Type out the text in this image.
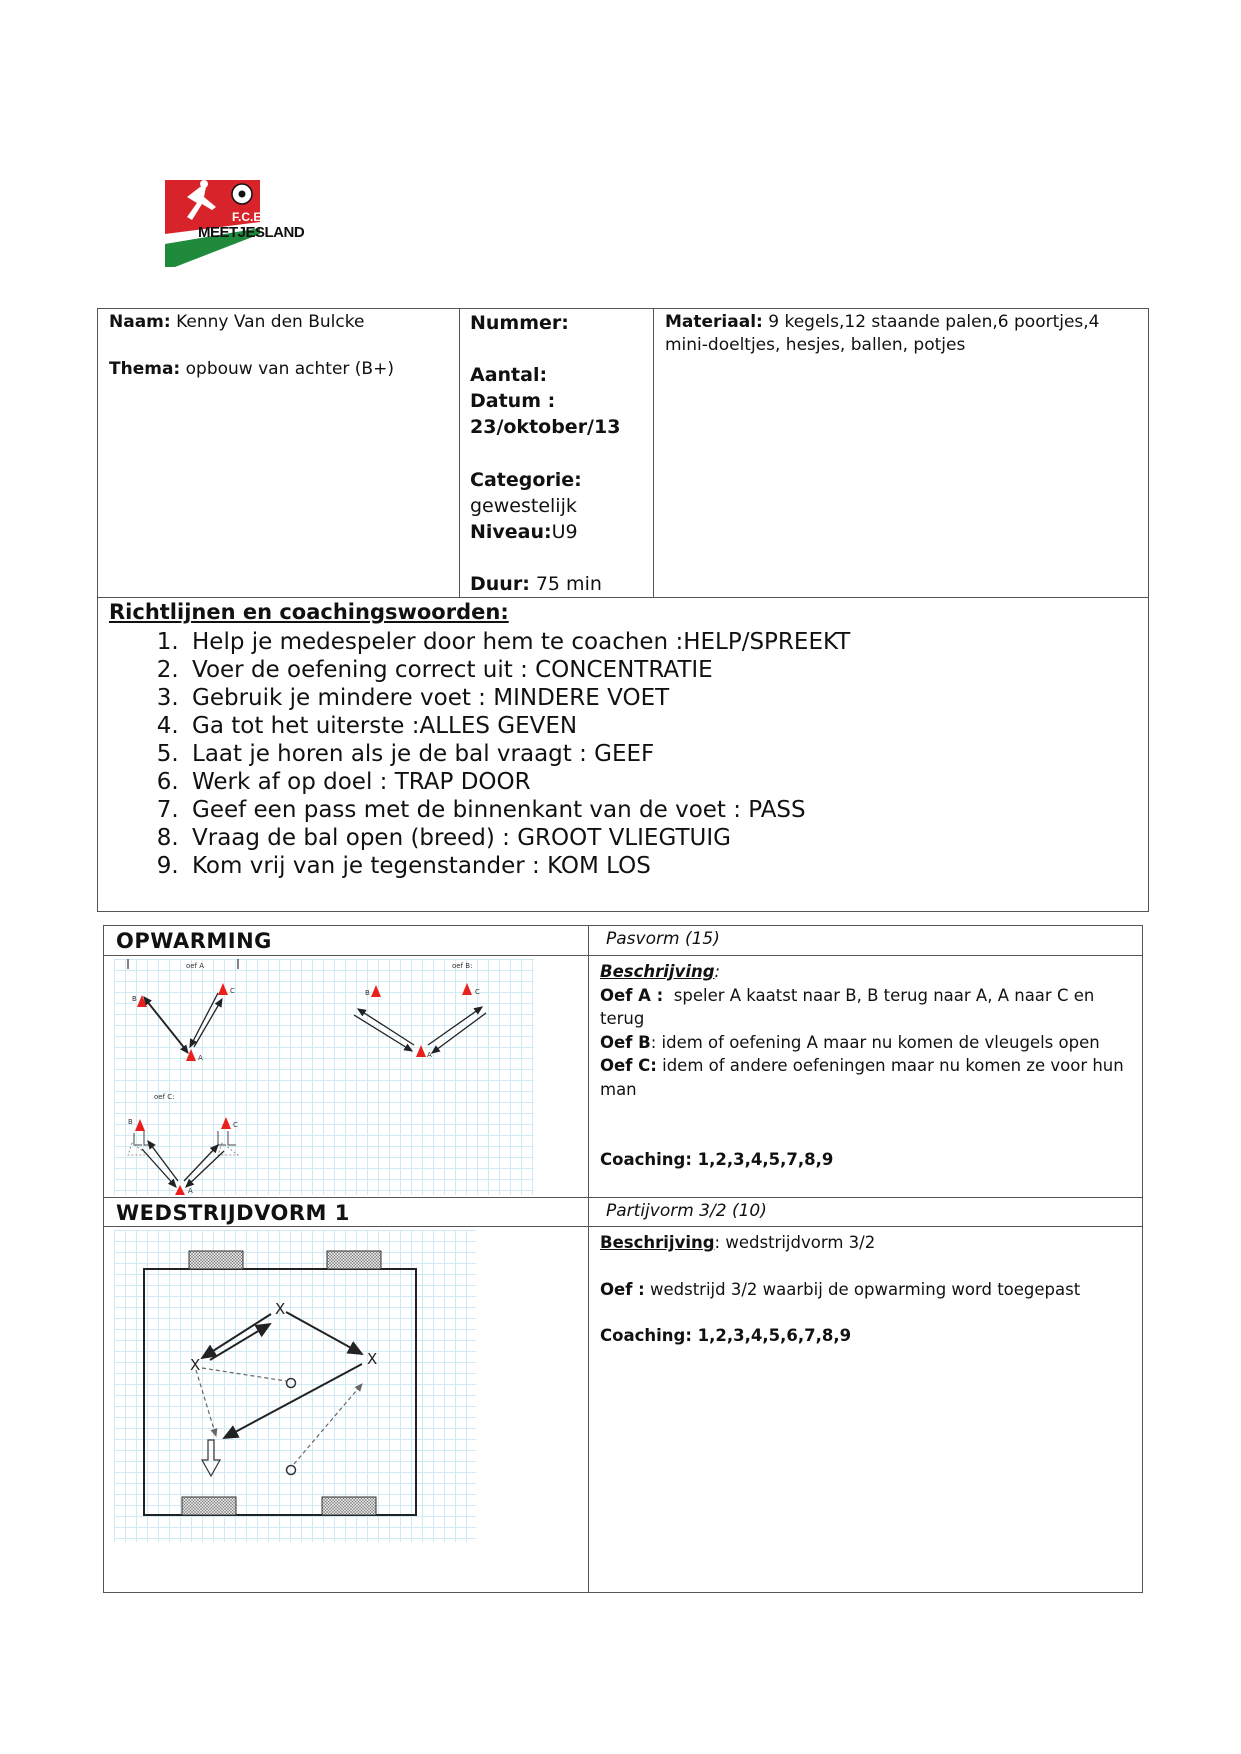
F.C.E.
MEETJESLAND
Naam: Kenny Van den Bulcke
Thema: opbouw van achter (B+)
Nummer:
Aantal:
Datum :
23/oktober/13
Categorie:
gewestelijk
Niveau:U9
Duur: 75 min
Materiaal: 9 kegels,12 staande palen,6 poortjes,4 mini-doeltjes, hesjes, ballen, potjes
Richtlijnen en coachingswoorden:
1. Help je medespeler door hem te coachen :HELP/SPREEKT
2. Voer de oefening correct uit : CONCENTRATIE
3. Gebruik je mindere voet : MINDERE VOET
4. Ga tot het uiterste :ALLES GEVEN
5. Laat je horen als je de bal vraagt : GEEF
6. Werk af op doel : TRAP DOOR
7. Geef een pass met de binnenkant van de voet : PASS
8. Vraag de bal open (breed) : GROOT VLIEGTUIG
9. Kom vrij van je tegenstander : KOM LOS
OPWARMING	Pasvorm (15)
oef A
B
C
A
oef B:
B	C
A
oef C:
B	C
A
Beschrijving:
Oef A : speler A kaatst naar B, B terug naar A, A naar C en terug
Oef B: idem of oefening A maar nu komen de vleugels open
Oef C: idem of andere oefeningen maar nu komen ze voor hun man
Coaching: 1,2,3,4,5,7,8,9
WEDSTRIJDVORM 1	Partijvorm 3/2 (10)
X
X	X
Beschrijving: wedstrijdvorm 3/2
Oef : wedstrijd 3/2 waarbij de opwarming word toegepast
Coaching: 1,2,3,4,5,6,7,8,9
